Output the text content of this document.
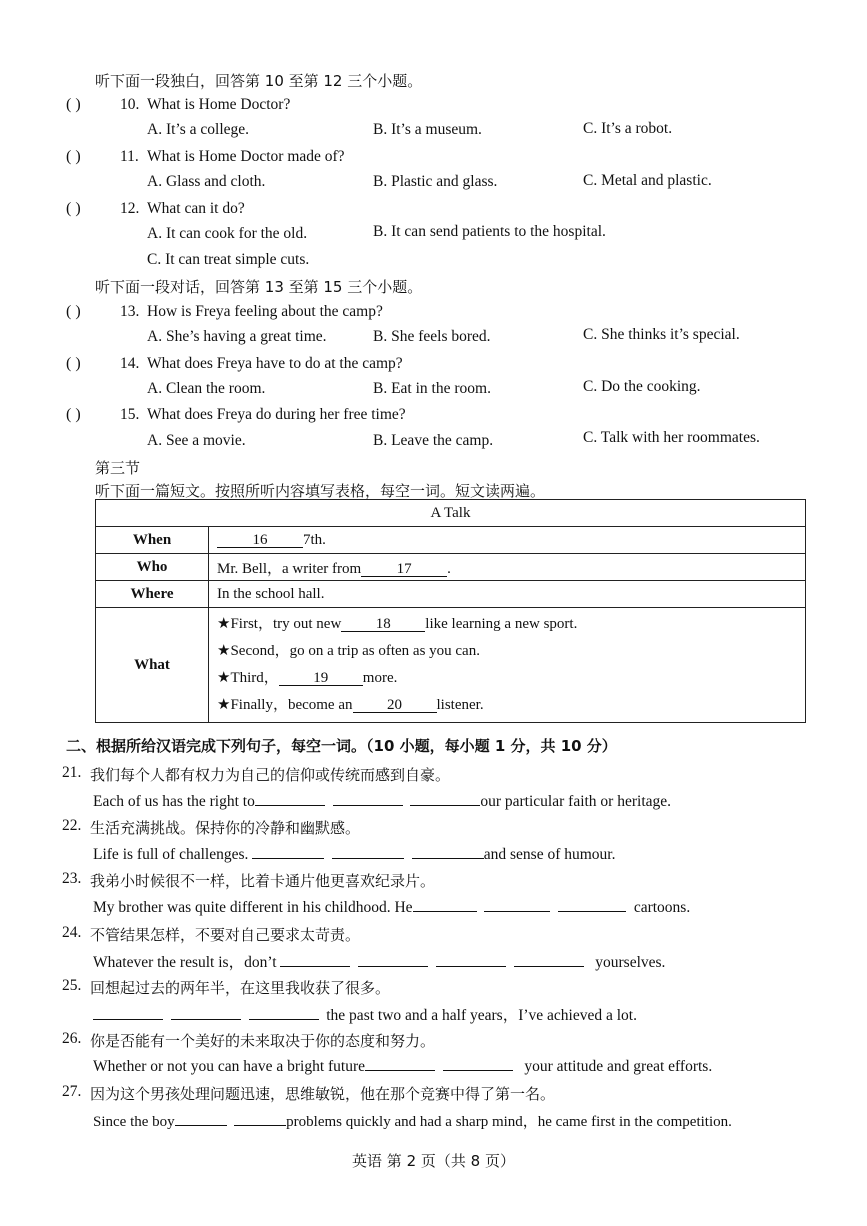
听下面一段独白，回答第 10 至第 12 三个小题。
( )	10. What is Home Doctor?
A. It’s a college.	B. It’s a museum.	C. It’s a robot.
( )	11. What is Home Doctor made of?
A. Glass and cloth.	B. Plastic and glass.	C. Metal and plastic.
( )	12. What can it do?
A. It can cook for the old.	B. It can send patients to the hospital.
C. It can treat simple cuts.
听下面一段对话，回答第 13 至第 15 三个小题。
( )	13. How is Freya feeling about the camp?
A. She’s having a great time.	B. She feels bored.	C. She thinks it’s special.
( )	14. What does Freya have to do at the camp?
A. Clean the room.	B. Eat in the room.	C. Do the cooking.
( )	15. What does Freya do during her free time?
A. See a movie.	B. Leave the camp.	C. Talk with her roommates.
第三节
听下面一篇短文。按照所听内容填写表格，每空一词。短文读两遍。
A Talk	
When	16 7th.
Who	Mr. Bell，a writer from 17 .
Where	In the school hall.
What	★First，try out new 18 like learning a new sport.
★Second，go on a trip as often as you can.
★Third， 19 more.
★Finally，become an 20 listener.
二、根据所给汉语完成下列句子，每空一词。（10 小题，每小题 1 分，共 10 分）
21. 我们每个人都有权力为自己的信仰或传统而感到自豪。
Each of us has the right to	our particular faith or heritage.
22. 生活充满挑战。保持你的冷静和幽默感。
Life is full of challenges.	and sense of humour.
23. 我弟小时候很不一样，比着卡通片他更喜欢纪录片。
My brother was quite different in his childhood. He	cartoons.
24. 不管结果怎样，不要对自己要求太苛责。
Whatever the result is，don’t	yourselves.
25. 回想起过去的两年半，在这里我收获了很多。
the past two and a half years，I’ve achieved a lot.
26. 你是否能有一个美好的未来取决于你的态度和努力。
Whether or not you can have a bright future	your attitude and great efforts.
27. 因为这个男孩处理问题迅速，思维敏锐，他在那个竞赛中得了第一名。
Since the boy	problems quickly and had a sharp mind，he came first in the competition.
英语 第 2 页（共 8 页）
